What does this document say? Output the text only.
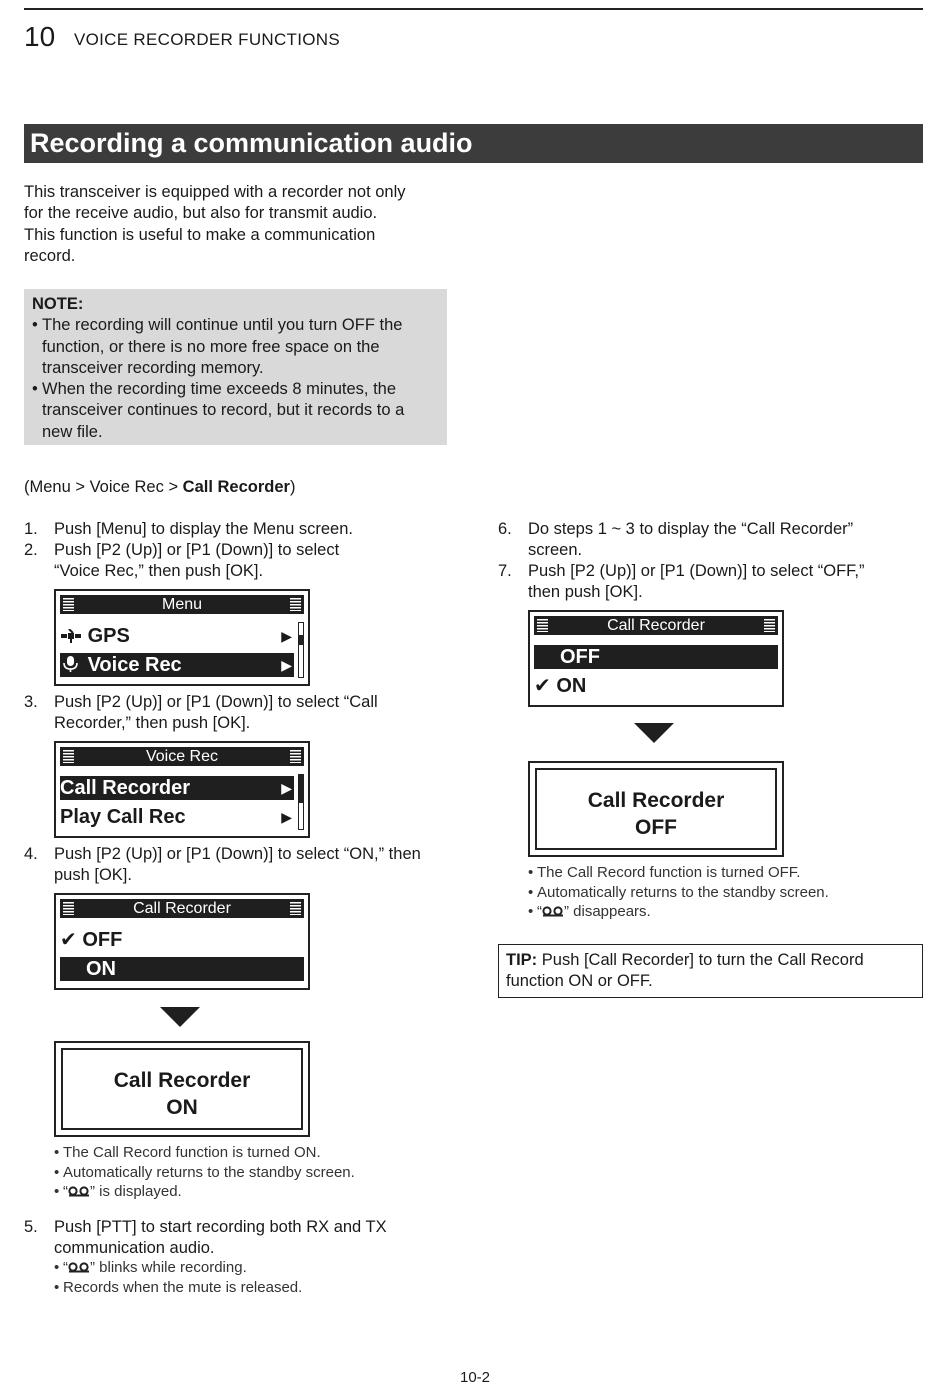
10 VOICE RECORDER FUNCTIONS
Recording a communication audio
This transceiver is equipped with a recorder not only
for the receive audio, but also for transmit audio.
This function is useful to make a communication
record.
NOTE:
• The recording will continue until you turn OFF the
function, or there is no more free space on the
transceiver recording memory.
• When the recording time exceeds 8 minutes, the
transceiver continues to record, but it records to a
new file.
(Menu > Voice Rec > Call Recorder)
1. Push [Menu] to display the Menu screen.
2. Push [P2 (Up)] or [P1 (Down)] to select
“Voice Rec,” then push [OK].
Menu
GPS	▶
Voice Rec	▶
3. Push [P2 (Up)] or [P1 (Down)] to select “Call
Recorder,” then push [OK].
Voice Rec
Call Recorder	▶
Play Call Rec	▶
4. Push [P2 (Up)] or [P1 (Down)] to select “ON,” then
push [OK].
Call Recorder
✔ OFF
ON
Call Recorder
ON
• The Call Record function is turned ON.
• Automatically returns to the standby screen.
• “ ” is displayed.
5. Push [PTT] to start recording both RX and TX
communication audio.
• “ ” blinks while recording.
• Records when the mute is released.
6. Do steps 1 ~ 3 to display the “Call Recorder”
screen.
7. Push [P2 (Up)] or [P1 (Down)] to select “OFF,”
then push [OK].
Call Recorder
OFF
✔ ON
Call Recorder
OFF
• The Call Record function is turned OFF.
• Automatically returns to the standby screen.
• “ ” disappears.
TIP: Push [Call Recorder] to turn the Call Record
function ON or OFF.
10-2
